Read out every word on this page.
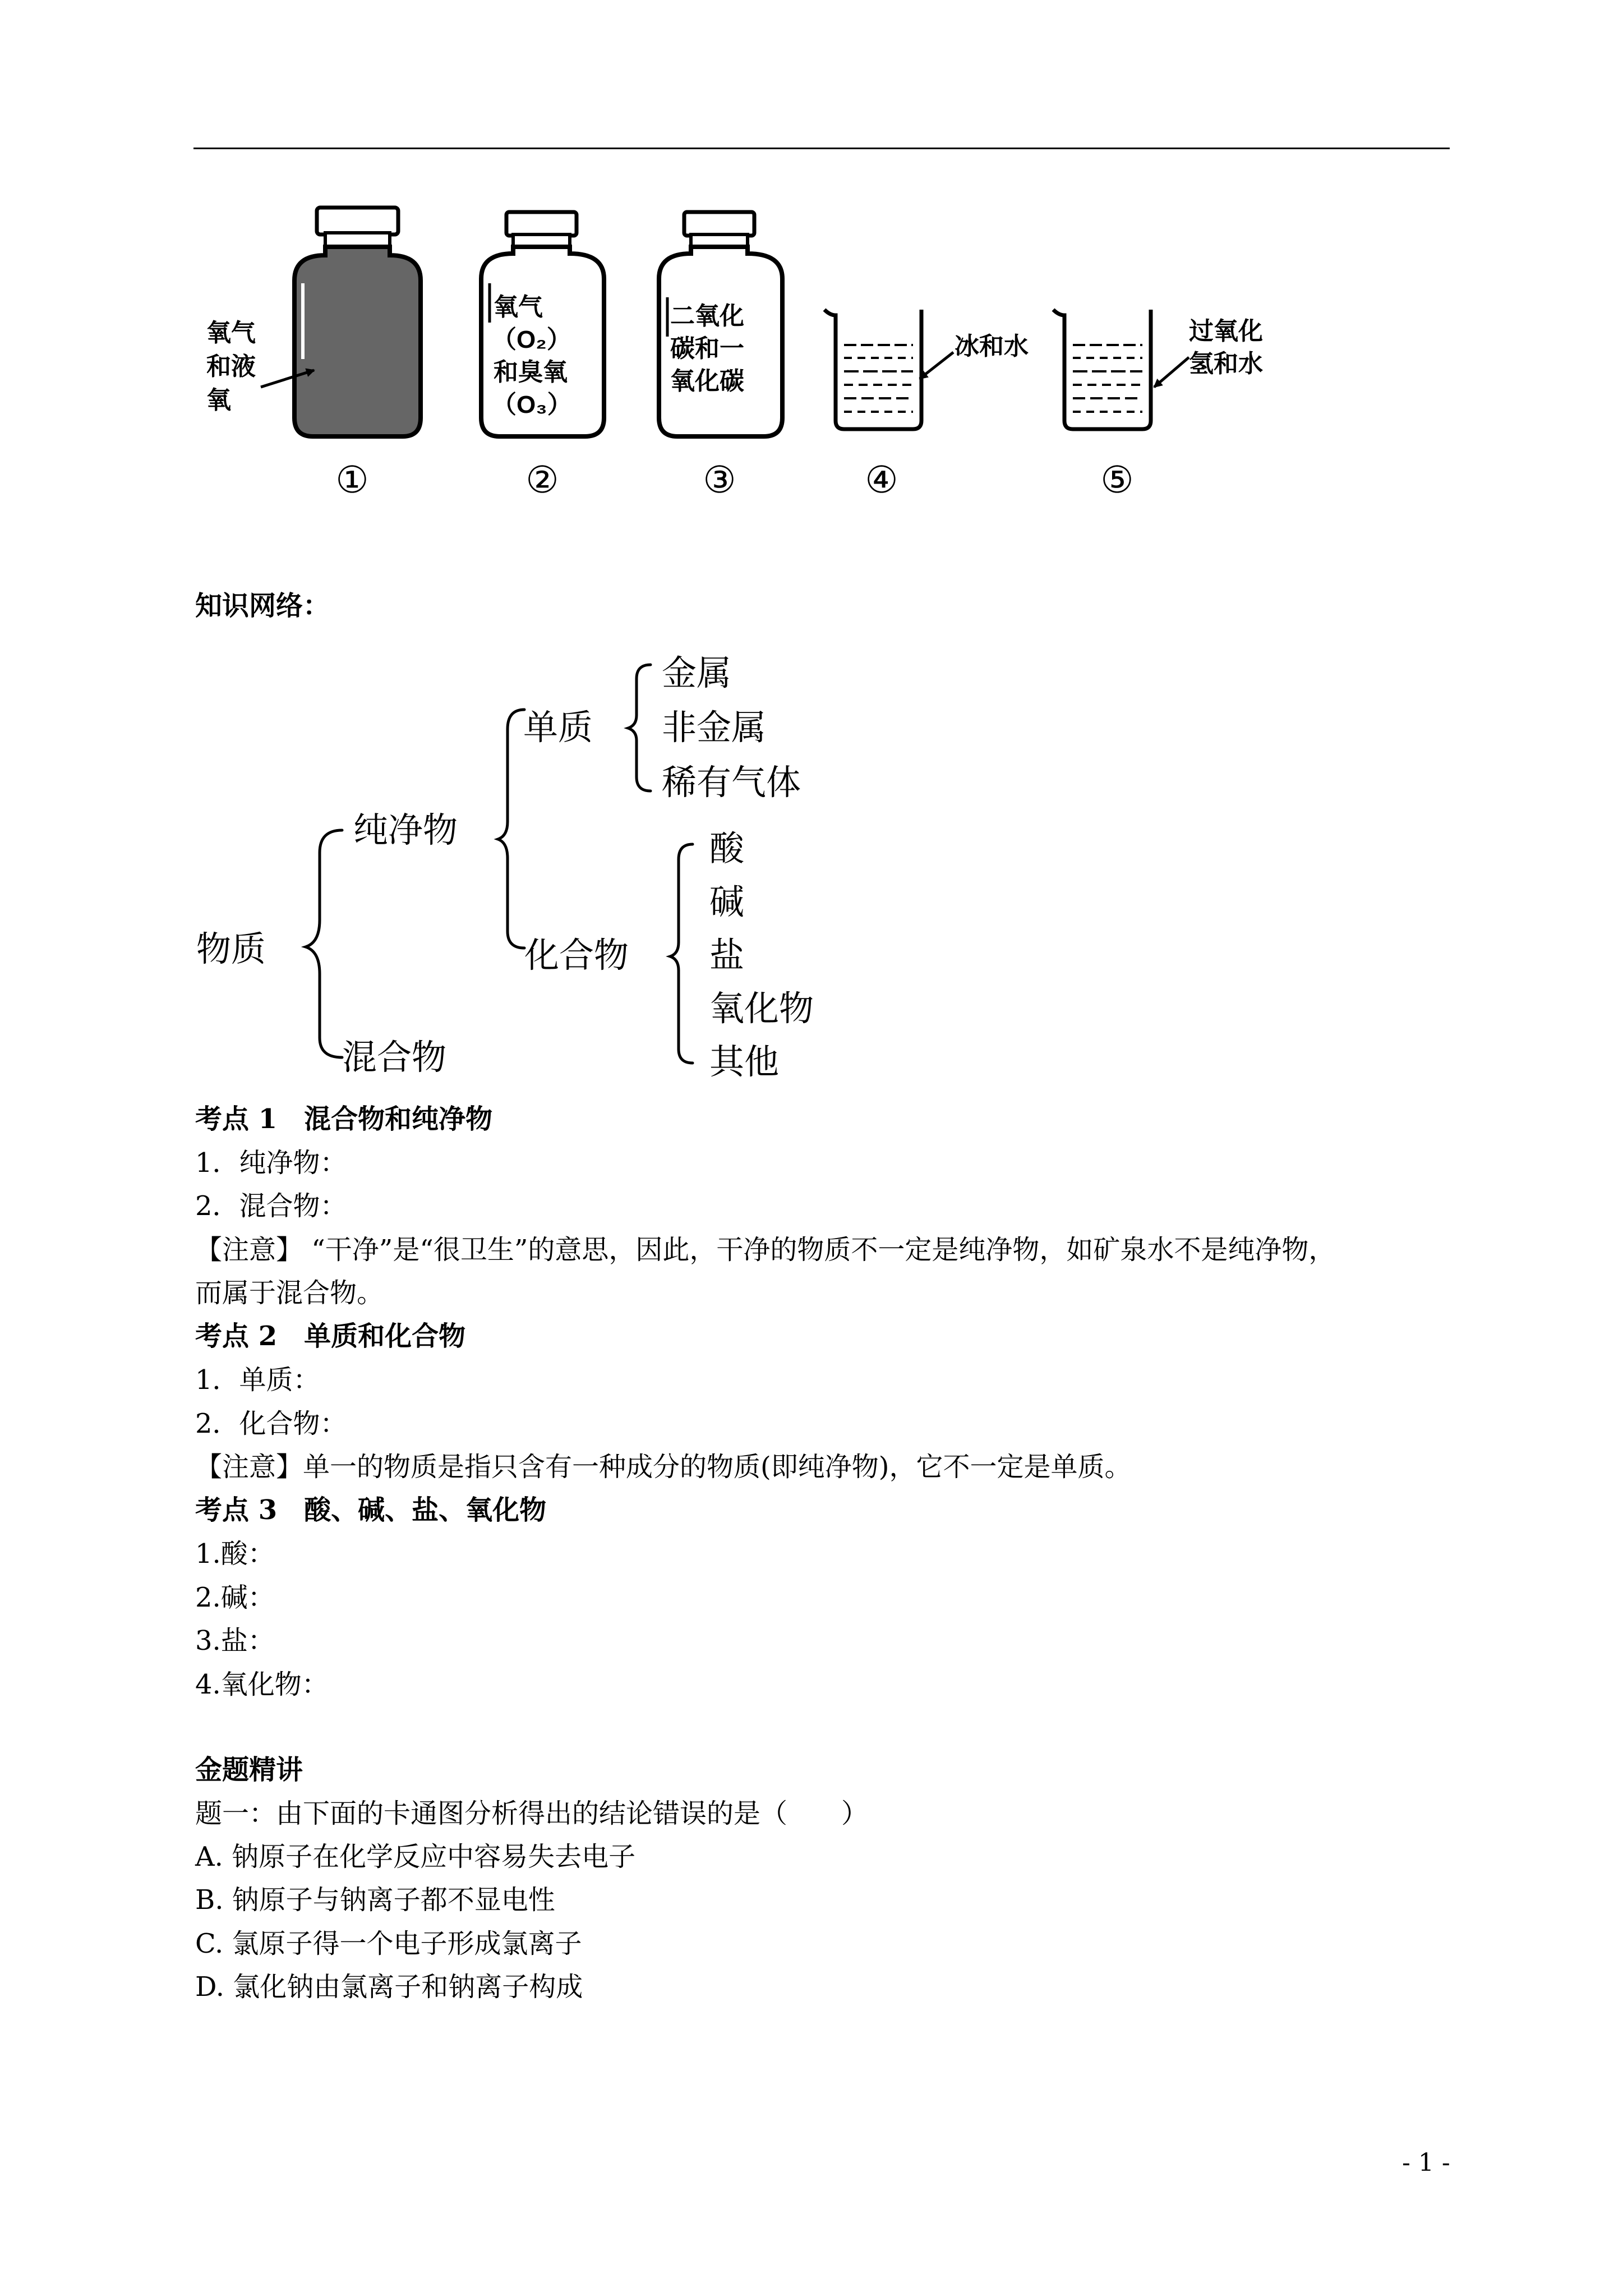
氧气
和液
氧
氧气
（O₂）
和臭氧
（O₃）
二氧化
碳和一
氧化碳
冰和水
过氧化
氢和水
①	②	③	④	⑤
知识网络：
物质
纯净物
混合物
单质
化合物
金属
非金属
稀有气体
酸
碱
盐
氧化物
其他
考点 1　混合物和纯净物
1．纯净物：
2．混合物：
【注意】 “干净”是“很卫生”的意思，因此，干净的物质不一定是纯净物，如矿泉水不是纯净物，
而属于混合物。
考点 2　单质和化合物
1．单质：
2．化合物：
【注意】单一的物质是指只含有一种成分的物质(即纯净物)，它不一定是单质。
考点 3　酸、碱、盐、氧化物
1.酸：
2.碱：
3.盐：
4.氧化物：
金题精讲
题一：由下面的卡通图分析得出的结论错误的是（　　）
A. 钠原子在化学反应中容易失去电子
B. 钠原子与钠离子都不显电性
C. 氯原子得一个电子形成氯离子
D. 氯化钠由氯离子和钠离子构成
- 1 -
